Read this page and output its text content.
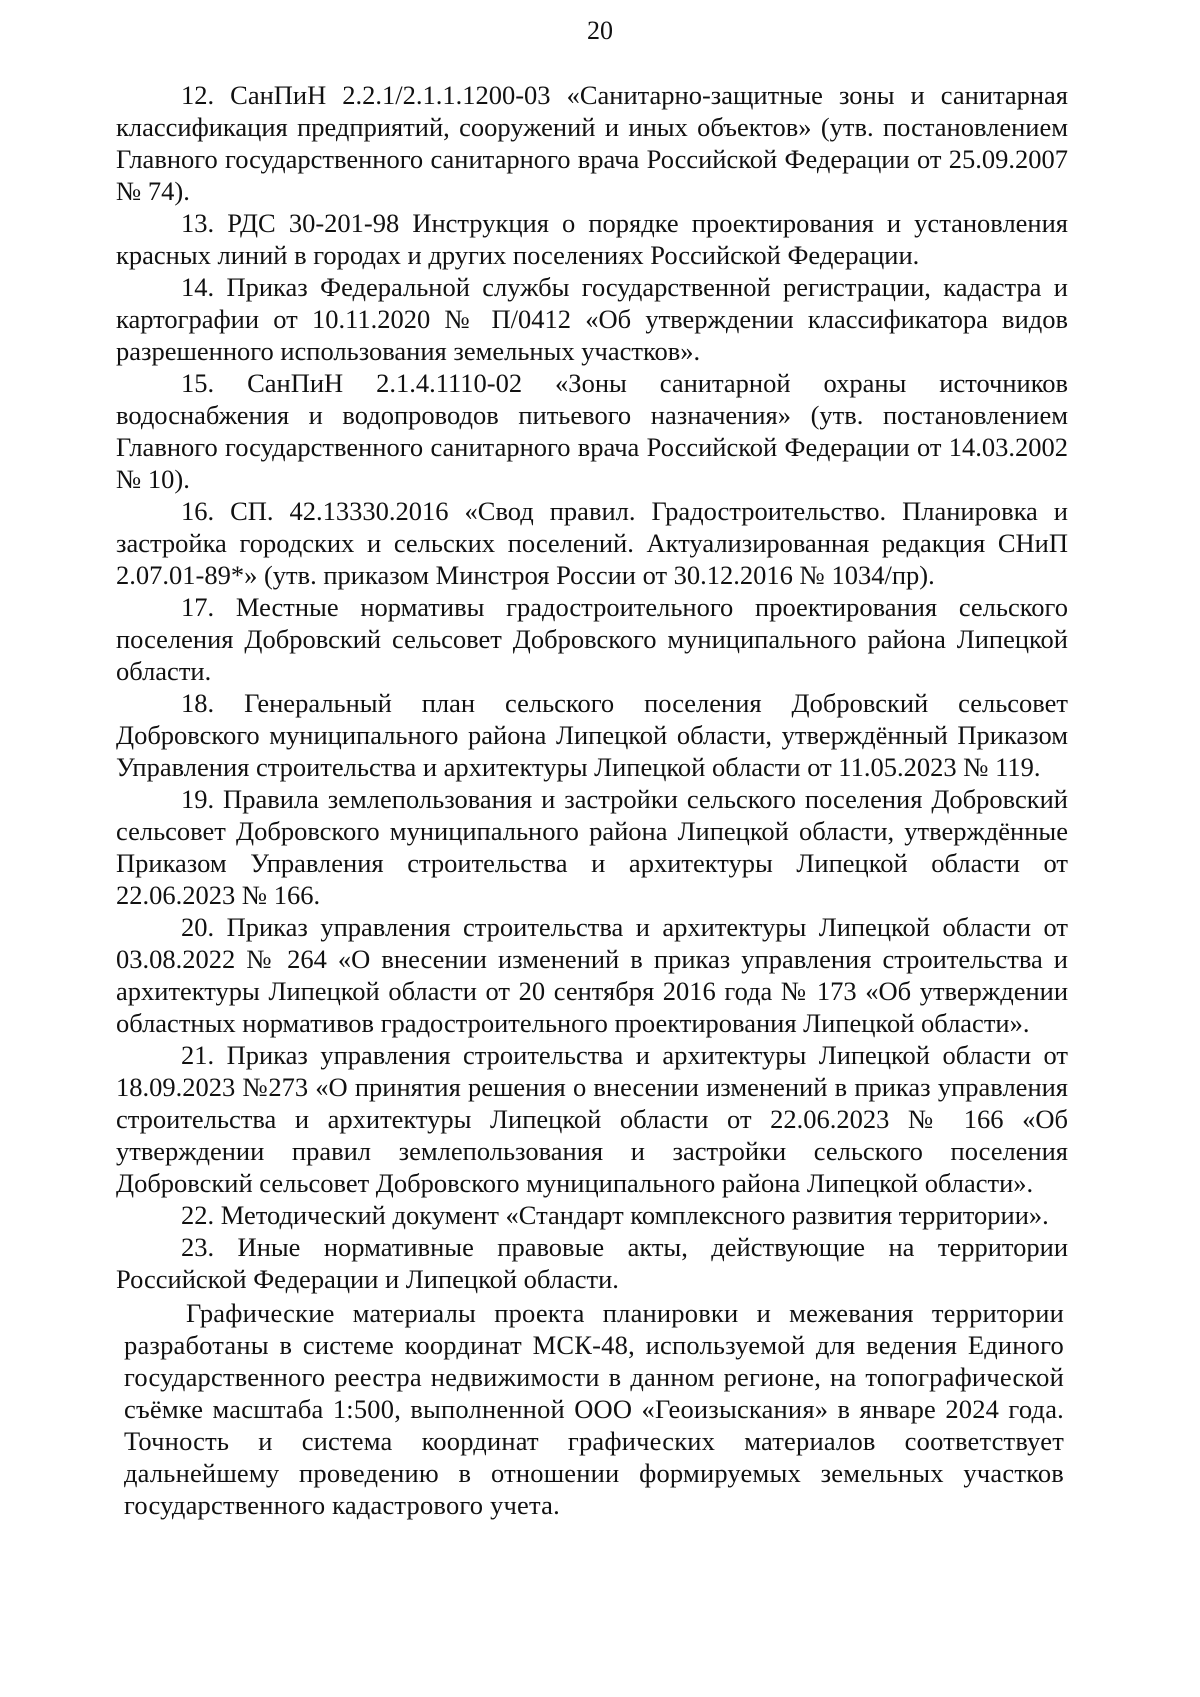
20

12. СанПиН 2.2.1/2.1.1.1200-03 «Санитарно-защитные зоны и санитарная классификация предприятий, сооружений и иных объектов» (утв. постановлением Главного государственного санитарного врача Российской Федерации от 25.09.2007 № 74).

13. РДС 30-201-98 Инструкция о порядке проектирования и установления красных линий в городах и других поселениях Российской Федерации.

14. Приказ Федеральной службы государственной регистрации, кадастра и картографии от 10.11.2020 № П/0412 «Об утверждении классификатора видов разрешенного использования земельных участков».

15. СанПиН 2.1.4.1110-02 «Зоны санитарной охраны источников водоснабжения и водопроводов питьевого назначения» (утв. постановлением Главного государственного санитарного врача Российской Федерации от 14.03.2002 № 10).

16. СП. 42.13330.2016 «Свод правил. Градостроительство. Планировка и застройка городских и сельских поселений. Актуализированная редакция СНиП 2.07.01-89*» (утв. приказом Минстроя России от 30.12.2016 № 1034/пр).

17. Местные нормативы градостроительного проектирования сельского поселения Добровский сельсовет Добровского муниципального района Липецкой области.

18. Генеральный план сельского поселения Добровский сельсовет Добровского муниципального района Липецкой области, утверждённый Приказом Управления строительства и архитектуры Липецкой области от 11.05.2023 № 119.

19. Правила землепользования и застройки сельского поселения Добровский сельсовет Добровского муниципального района Липецкой области, утверждённые Приказом Управления строительства и архитектуры Липецкой области от 22.06.2023 № 166.

20. Приказ управления строительства и архитектуры Липецкой области от 03.08.2022 № 264 «О внесении изменений в приказ управления строительства и архитектуры Липецкой области от 20 сентября 2016 года № 173 «Об утверждении областных нормативов градостроительного проектирования Липецкой области».

21. Приказ управления строительства и архитектуры Липецкой области от 18.09.2023 №273 «О принятия решения о внесении изменений в приказ управления строительства и архитектуры Липецкой области от 22.06.2023 № 166 «Об утверждении правил землепользования и застройки сельского поселения Добровский сельсовет Добровского муниципального района Липецкой области».

22. Методический документ «Стандарт комплексного развития территории».

23. Иные нормативные правовые акты, действующие на территории Российской Федерации и Липецкой области.

Графические материалы проекта планировки и межевания территории разработаны в системе координат МСК-48, используемой для ведения Единого государственного реестра недвижимости в данном регионе, на топографической съёмке масштаба 1:500, выполненной ООО «Геоизыскания» в январе 2024 года. Точность и система координат графических материалов соответствует дальнейшему проведению в отношении формируемых земельных участков государственного кадастрового учета.
